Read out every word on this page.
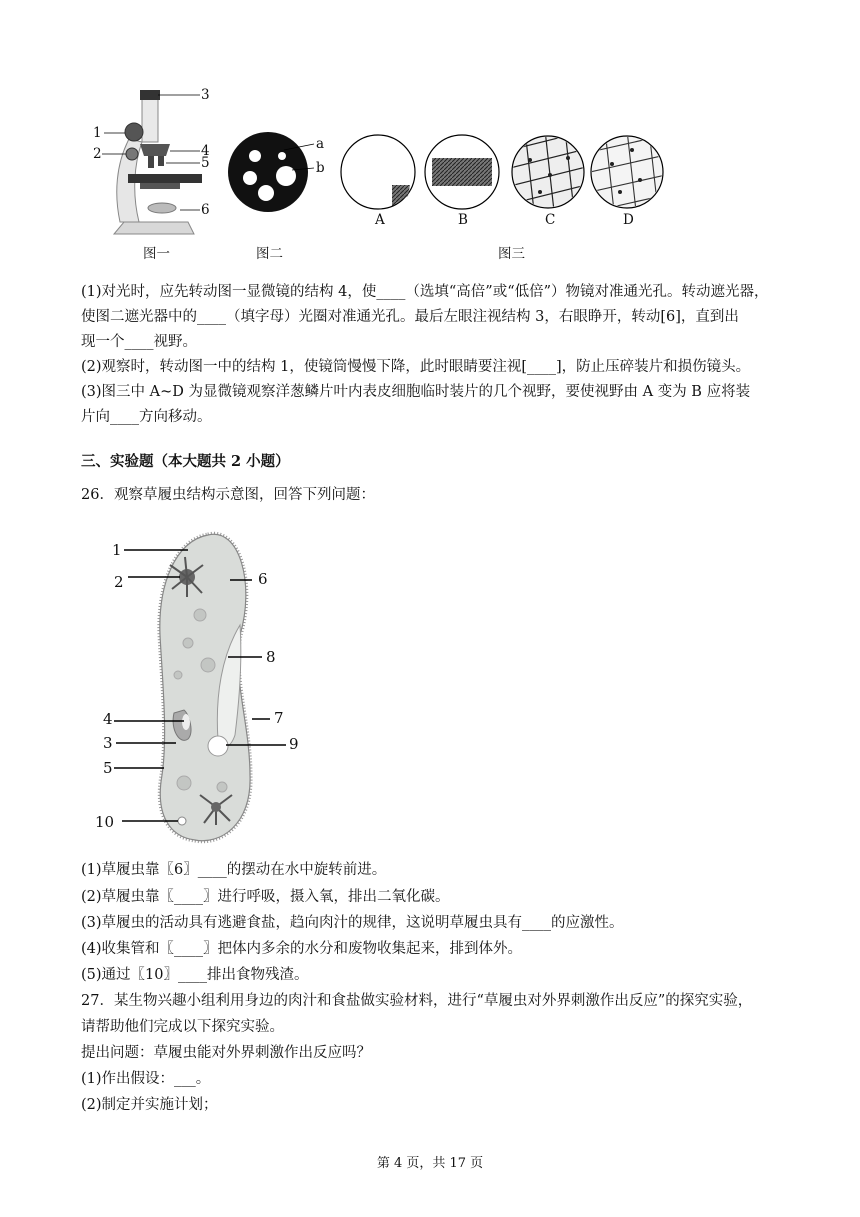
1
2
3
4
5
6
a
b
A	B	C	D
图一	图二	图三
(1)对光时，应先转动图一显微镜的结构 4，使____（选填“高倍”或“低倍”）物镜对准通光孔。转动遮光器，
使图二遮光器中的____（填字母）光圈对准通光孔。最后左眼注视结构 3，右眼睁开，转动[6]，直到出
现一个____视野。
(2)观察时，转动图一中的结构 1，使镜筒慢慢下降，此时眼睛要注视[____]，防止压碎装片和损伤镜头。
(3)图三中 A~D 为显微镜观察洋葱鳞片叶内表皮细胞临时装片的几个视野，要使视野由 A 变为 B 应将装
片向____方向移动。
三、实验题（本大题共 2 小题）
26．观察草履虫结构示意图，回答下列问题：
1
2
3
4
5
6
7
8
9
10
(1)草履虫靠〖6〗____的摆动在水中旋转前进。
(2)草履虫靠〖____〗进行呼吸，摄入氧，排出二氧化碳。
(3)草履虫的活动具有逃避食盐，趋向肉汁的规律，这说明草履虫具有____的应激性。
(4)收集管和〖____〗把体内多余的水分和废物收集起来，排到体外。
(5)通过〖10〗____排出食物残渣。
27．某生物兴趣小组利用身边的肉汁和食盐做实验材料，进行“草履虫对外界刺激作出反应”的探究实验，
请帮助他们完成以下探究实验。
提出问题：草履虫能对外界刺激作出反应吗？
(1)作出假设：___。
(2)制定并实施计划；
第 4 页，共 17 页
